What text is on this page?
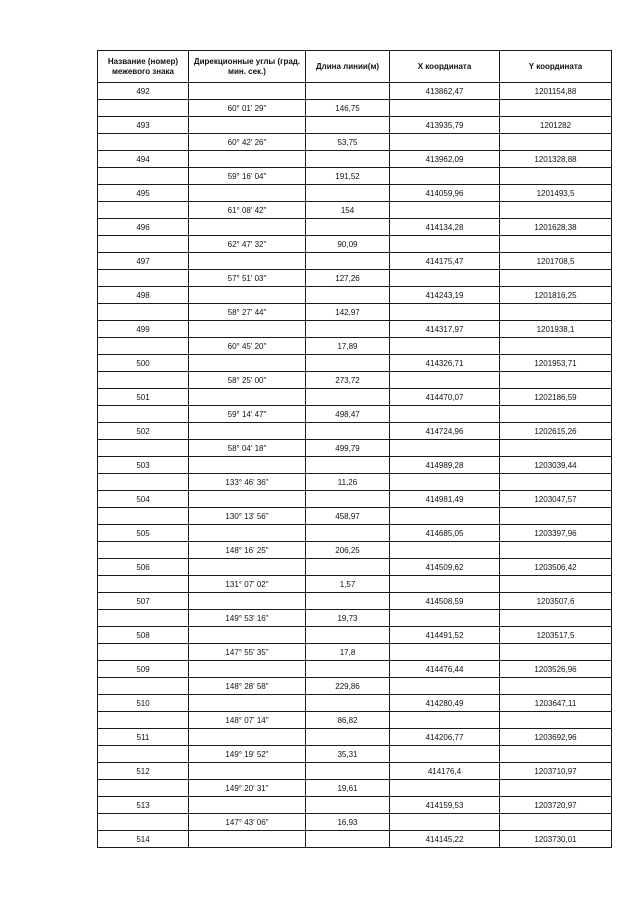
Название (номер) межевого знака	Дирекционные углы (град. мин. сек.)	Длина линии(м)	X координата	Y координата
492			413862,47	1201154,88
	60° 01' 29"	146,75		
493			413935,79	1201282
	60° 42' 26"	53,75		
494			413962,09	1201328,88
	59° 16' 04"	191,52		
495			414059,96	1201493,5
	61° 08' 42"	154		
496			414134,28	1201628,38
	62° 47' 32"	90,09		
497			414175,47	1201708,5
	57° 51' 03"	127,26		
498			414243,19	1201816,25
	58° 27' 44"	142,97		
499			414317,97	1201938,1
	60° 45' 20"	17,89		
500			414326,71	1201953,71
	58° 25' 00"	273,72		
501			414470,07	1202186,59
	59° 14' 47"	498,47		
502			414724,96	1202615,26
	58° 04' 18"	499,79		
503			414989,28	1203039,44
	133° 46' 36"	11,26		
504			414981,49	1203047,57
	130° 13' 56"	458,97		
505			414685,05	1203397,96
	148° 16' 25"	206,25		
506			414509,62	1203506,42
	131° 07' 02"	1,57		
507			414508,59	1203507,6
	149° 53' 16"	19,73		
508			414491,52	1203517,5
	147° 55' 35"	17,8		
509			414476,44	1203526,96
	148° 28' 58"	229,86		
510			414280,49	1203647,11
	148° 07' 14"	86,82		
511			414206,77	1203692,96
	149° 19' 52"	35,31		
512			414176,4	1203710,97
	149° 20' 31"	19,61		
513			414159,53	1203720,97
	147° 43' 06"	16,93		
514			414145,22	1203730,01
